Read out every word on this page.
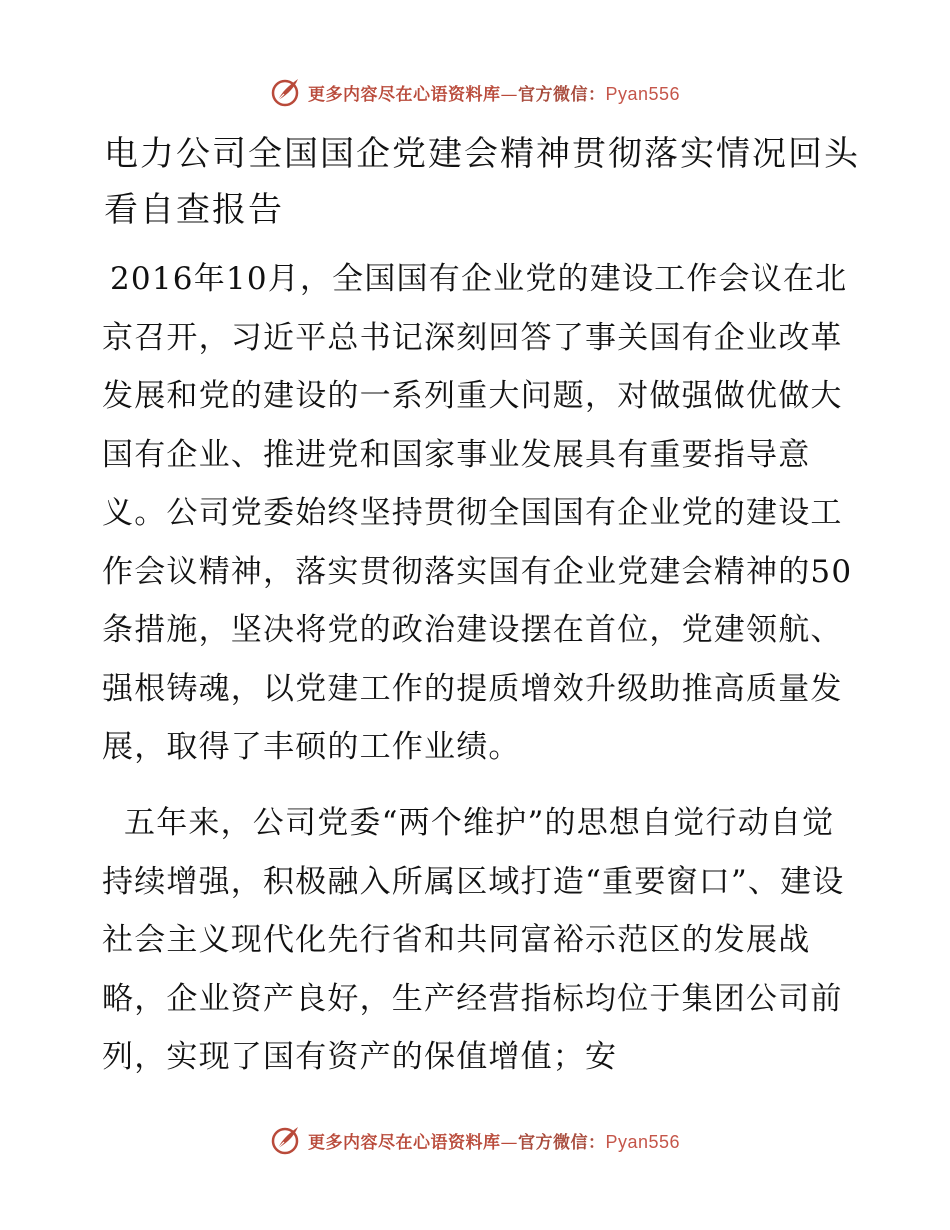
更多内容尽在心语资料库—官方微信：Pyan556
电力公司全国国企党建会精神贯彻落实情况回头看自查报告

2016年10月，全国国有企业党的建设工作会议在北京召开，习近平总书记深刻回答了事关国有企业改革发展和党的建设的一系列重大问题，对做强做优做大国有企业、推进党和国家事业发展具有重要指导意义。公司党委始终坚持贯彻全国国有企业党的建设工作会议精神，落实贯彻落实国有企业党建会精神的50条措施，坚决将党的政治建设摆在首位，党建领航、强根铸魂，以党建工作的提质增效升级助推高质量发展，取得了丰硕的工作业绩。

五年来，公司党委“两个维护”的思想自觉行动自觉持续增强，积极融入所属区域打造“重要窗口”、建设社会主义现代化先行省和共同富裕示范区的发展战略，企业资产良好，生产经营指标均位于集团公司前列，实现了国有资产的保值增值；安

更多内容尽在心语资料库—官方微信：Pyan556
